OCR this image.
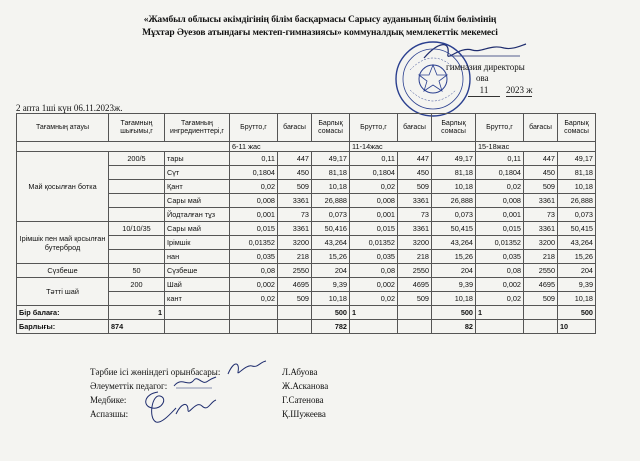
«Жамбыл облысы әкімдігінің білім басқармасы Сарысу ауданының білім бөлімінің
Мұхтар Әуезов атындағы мектеп-гимназиясы» коммуналдық мемлекеттік мекемесі
гимназия директоры
ова
11	2023 ж
2 апта 1ші күн 06.11.2023ж.
Тағамның атауы	Тағамның шығымы,г	Тағамның ингредиенттері,г	Брутто,г	бағасы	Барлық сомасы	Брутто,г	бағасы	Барлық сомасы	Брутто,г	бағасы	Барлық сомасы
			6-11 жас			11-14жас			15-18жас		
Май қосылған ботка	200/5	тары	0,11	447	49,17	0,11	447	49,17	0,11	447	49,17
		Сүт	0,1804	450	81,18	0,1804	450	81,18	0,1804	450	81,18
		Қант	0,02	509	10,18	0,02	509	10,18	0,02	509	10,18
		Сары май	0,008	3361	26,888	0,008	3361	26,888	0,008	3361	26,888
		Йодталған тұз	0,001	73	0,073	0,001	73	0,073	0,001	73	0,073
Ірімшік пен май қосылған бутерброд	10/10/35	Сары май	0,015	3361	50,416	0,015	3361	50,415	0,015	3361	50,415
		Ірімшік	0,01352	3200	43,264	0,01352	3200	43,264	0,01352	3200	43,264
		нан	0,035	218	15,26	0,035	218	15,26	0,035	218	15,26
Сүзбеше	50	Сүзбеше	0,08	2550	204	0,08	2550	204	0,08	2550	204
Тәтті шай	200	Шай	0,002	4695	9,39	0,002	4695	9,39	0,002	4695	9,39
		кант	0,02	509	10,18	0,02	509	10,18	0,02	509	10,18
Бір балаға:	1				500	1		500	1		500
Барлығы:	874				782			82			10
Тәрбие ісі жөніндегі орынбасары:	Л.Абуова
Әлеуметтік педагог:	Ж.Асканова
Медбике:	Г.Сатенова
Аспазшы:	Қ.Шужеева
